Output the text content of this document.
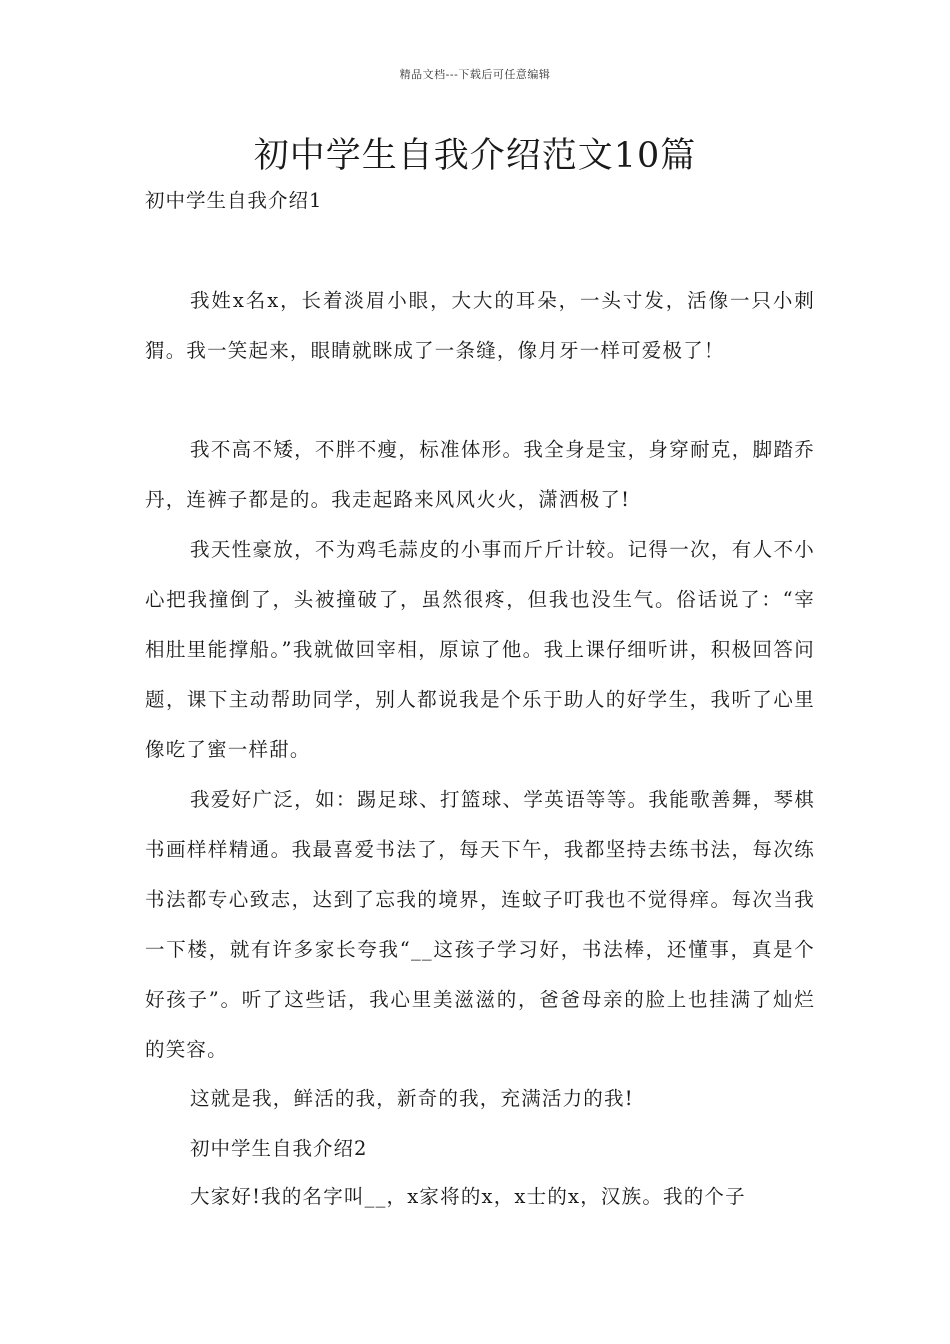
精品文档---下载后可任意编辑
初中学生自我介绍范文10篇
初中学生自我介绍1

我姓x名x，长着淡眉小眼，大大的耳朵，一头寸发，活像一只小刺猬。我一笑起来，眼睛就眯成了一条缝，像月牙一样可爱极了！

我不高不矮，不胖不瘦，标准体形。我全身是宝，身穿耐克，脚踏乔丹，连裤子都是的。我走起路来风风火火，潇洒极了!

我天性豪放，不为鸡毛蒜皮的小事而斤斤计较。记得一次，有人不小心把我撞倒了，头被撞破了，虽然很疼，但我也没生气。俗话说了：“宰相肚里能撑船。”我就做回宰相，原谅了他。我上课仔细听讲，积极回答问题，课下主动帮助同学，别人都说我是个乐于助人的好学生，我听了心里像吃了蜜一样甜。

我爱好广泛，如：踢足球、打篮球、学英语等等。我能歌善舞，琴棋书画样样精通。我最喜爱书法了，每天下午，我都坚持去练书法，每次练书法都专心致志，达到了忘我的境界，连蚊子叮我也不觉得痒。每次当我一下楼，就有许多家长夸我“__这孩子学习好，书法棒，还懂事，真是个好孩子”。听了这些话，我心里美滋滋的，爸爸母亲的脸上也挂满了灿烂的笑容。

这就是我，鲜活的我，新奇的我，充满活力的我!

初中学生自我介绍2

大家好!我的名字叫__，x家将的x，x士的x，汉族。我的个子
